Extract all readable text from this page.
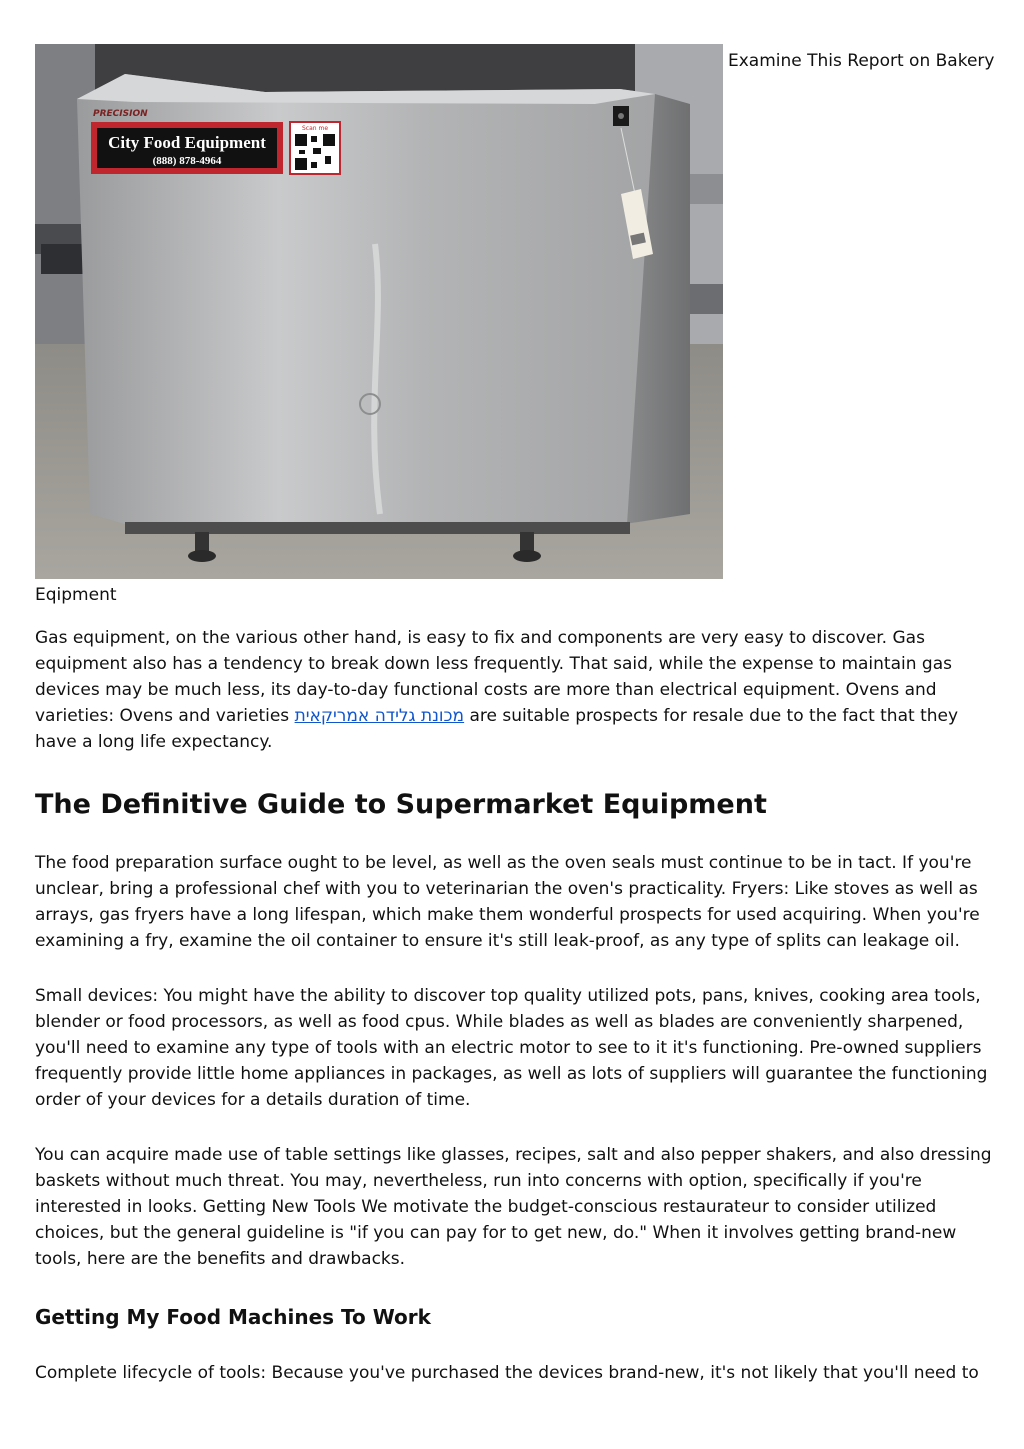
PRECISION
City Food Equipment
(888) 878-4964
Scan me
Examine This Report on Bakery
Eqipment

Gas equipment, on the various other hand, is easy to fix and components are very easy to discover. Gas equipment also has a tendency to break down less frequently. That said, while the expense to maintain gas devices may be much less, its day-to-day functional costs are more than electrical equipment. Ovens and varieties: Ovens and varieties מכונת גלידה אמריקאית are suitable prospects for resale due to the fact that they have a long life expectancy.

The Definitive Guide to Supermarket Equipment

The food preparation surface ought to be level, as well as the oven seals must continue to be in tact. If you're unclear, bring a professional chef with you to veterinarian the oven's practicality. Fryers: Like stoves as well as arrays, gas fryers have a long lifespan, which make them wonderful prospects for used acquiring. When you're examining a fry, examine the oil container to ensure it's still leak-proof, as any type of splits can leakage oil.

Small devices: You might have the ability to discover top quality utilized pots, pans, knives, cooking area tools, blender or food processors, as well as food cpus. While blades as well as blades are conveniently sharpened, you'll need to examine any type of tools with an electric motor to see to it it's functioning. Pre-owned suppliers frequently provide little home appliances in packages, as well as lots of suppliers will guarantee the functioning order of your devices for a details duration of time.

You can acquire made use of table settings like glasses, recipes, salt and also pepper shakers, and also dressing baskets without much threat. You may, nevertheless, run into concerns with option, specifically if you're interested in looks. Getting New Tools We motivate the budget-conscious restaurateur to consider utilized choices, but the general guideline is "if you can pay for to get new, do." When it involves getting brand-new tools, here are the benefits and drawbacks.

Getting My Food Machines To Work

Complete lifecycle of tools: Because you've purchased the devices brand-new, it's not likely that you'll need to
